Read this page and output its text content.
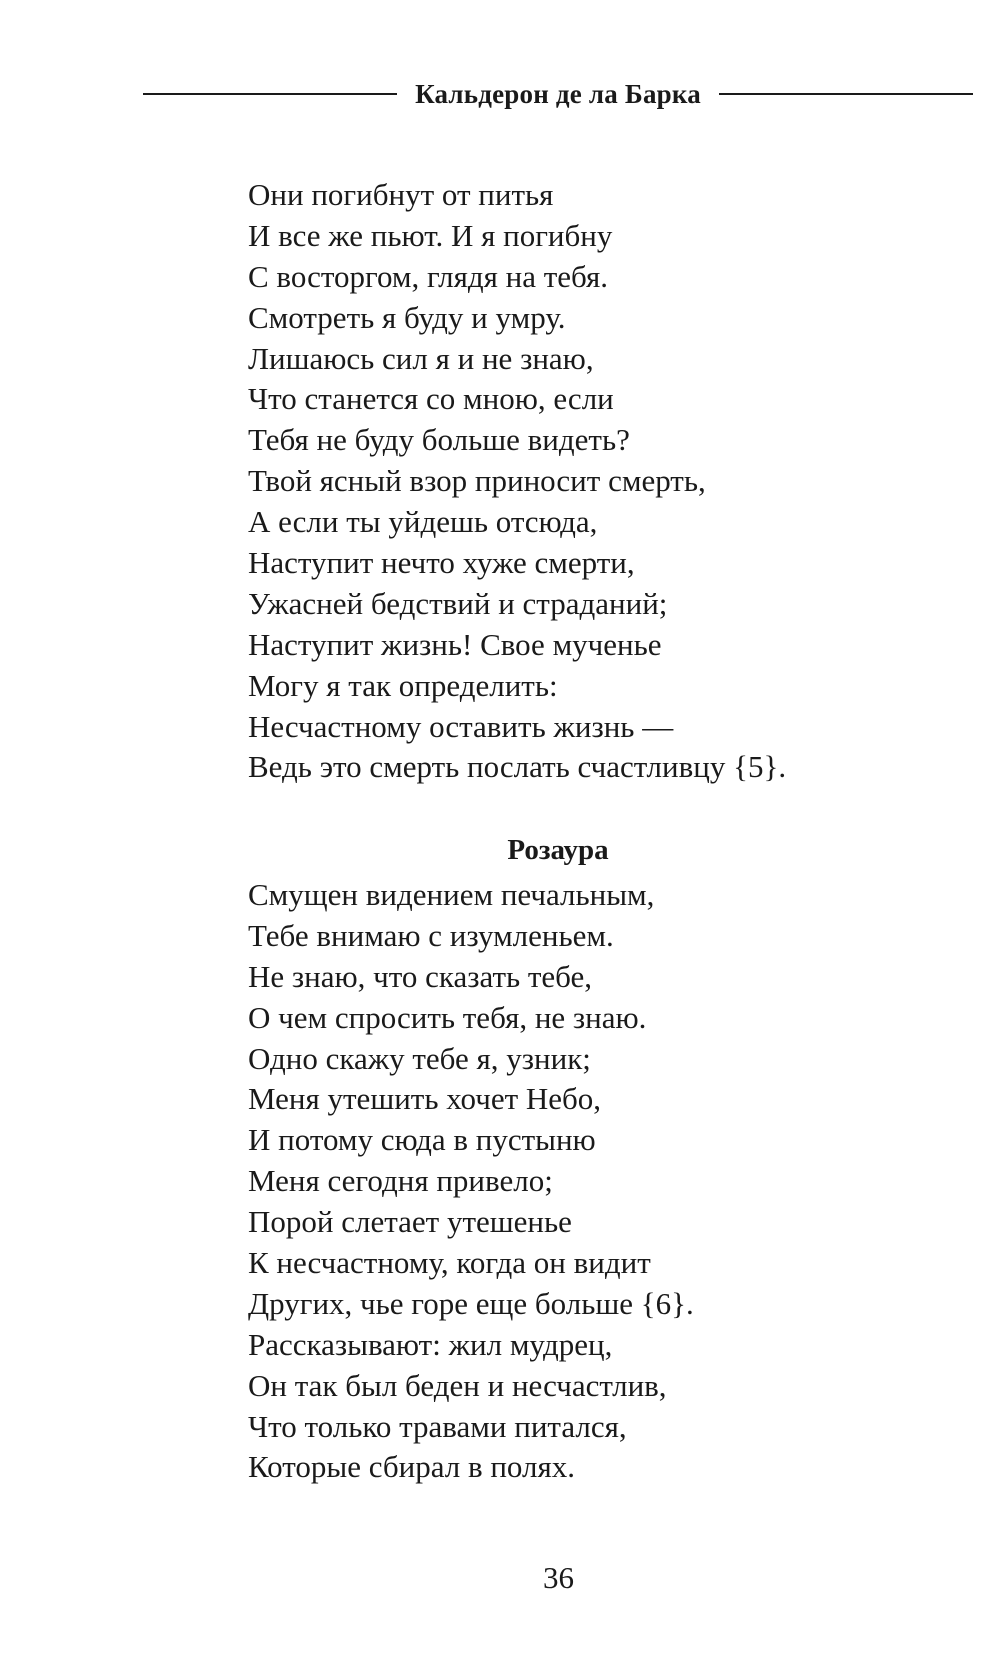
Кальдерон де ла Барка
Они погибнут от питья
И все же пьют. И я погибну
С восторгом, глядя на тебя.
Смотреть я буду и умру.
Лишаюсь сил я и не знаю,
Что станется со мною, если
Тебя не буду больше видеть?
Твой ясный взор приносит смерть,
А если ты уйдешь отсюда,
Наступит нечто хуже смерти,
Ужасней бедствий и страданий;
Наступит жизнь! Свое мученье
Могу я так определить:
Несчастному оставить жизнь —
Ведь это смерть послать счастливцу {5}.
Розаура
Смущен видением печальным,
Тебе внимаю с изумленьем.
Не знаю, что сказать тебе,
О чем спросить тебя, не знаю.
Одно скажу тебе я, узник;
Меня утешить хочет Небо,
И потому сюда в пустыню
Меня сегодня привело;
Порой слетает утешенье
К несчастному, когда он видит
Других, чье горе еще больше {6}.
Рассказывают: жил мудрец,
Он так был беден и несчастлив,
Что только травами питался,
Которые сбирал в полях.
36
